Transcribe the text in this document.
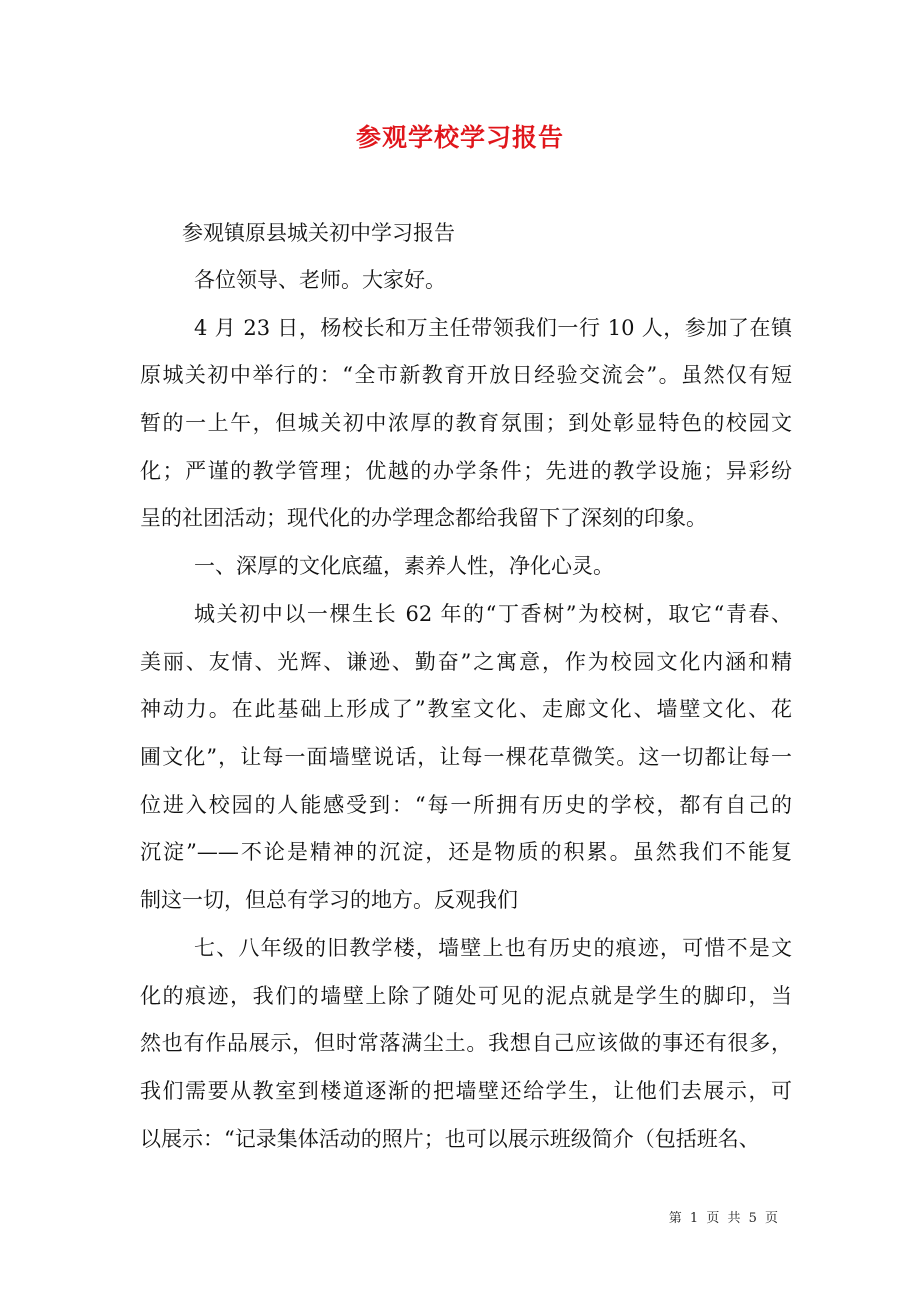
参观学校学习报告
参观镇原县城关初中学习报告
各位领导、老师。大家好。
4 月 23 日，杨校长和万主任带领我们一行 10 人，参加了在镇
原城关初中举行的：“全市新教育开放日经验交流会”。虽然仅有短
暂的一上午，但城关初中浓厚的教育氛围；到处彰显特色的校园文
化；严谨的教学管理；优越的办学条件；先进的教学设施；异彩纷
呈的社团活动；现代化的办学理念都给我留下了深刻的印象。
一、深厚的文化底蕴，素养人性，净化心灵。
城关初中以一棵生长 62 年的“丁香树”为校树，取它“青春、
美丽、友情、光辉、谦逊、勤奋”之寓意，作为校园文化内涵和精
神动力。在此基础上形成了”教室文化、走廊文化、墙壁文化、花
圃文化”，让每一面墙壁说话，让每一棵花草微笑。这一切都让每一
位进入校园的人能感受到：“每一所拥有历史的学校，都有自己的
沉淀”——不论是精神的沉淀，还是物质的积累。虽然我们不能复
制这一切，但总有学习的地方。反观我们
七、八年级的旧教学楼，墙壁上也有历史的痕迹，可惜不是文
化的痕迹，我们的墙壁上除了随处可见的泥点就是学生的脚印，当
然也有作品展示，但时常落满尘土。我想自己应该做的事还有很多，
我们需要从教室到楼道逐渐的把墙壁还给学生，让他们去展示，可
以展示：“记录集体活动的照片；也可以展示班级简介（包括班名、
第 1 页 共 5 页
